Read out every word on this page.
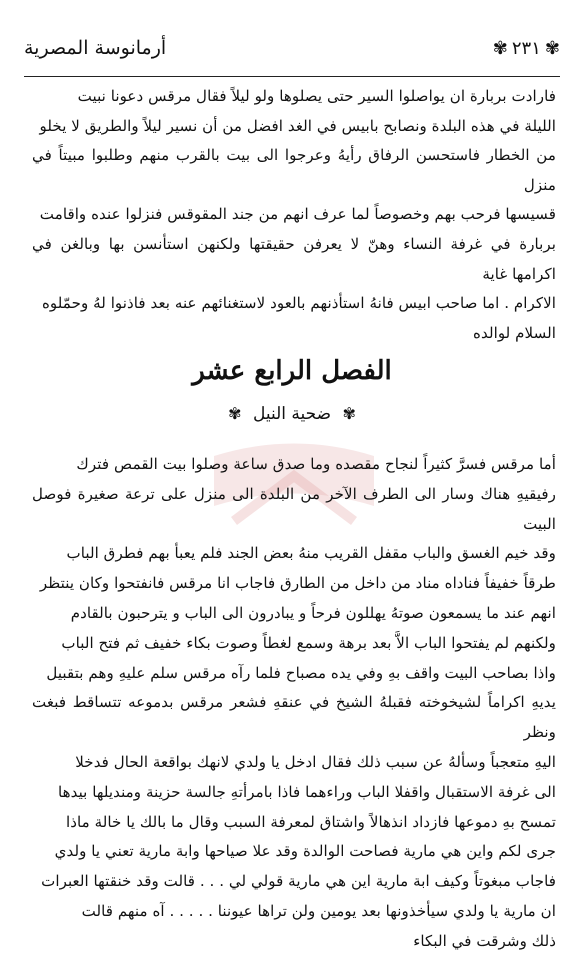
✾
٢٣١
✾
أرمانوسة المصرية

فارادت بربارة ان يواصلوا السير حتى يصلوها ولو ليلاً فقال مرقس دعونا نبيت

الليلة في هذه البلدة ونصابح بابيس في الغد افضل من أن نسير ليلاً والطريق لا يخلو

من الخطار فاستحسن الرفاق رأيهُ وعرجوا الى بيت بالقرب منهم وطلبوا مبيتاً في منزل

قسيسها فرحب بهم وخصوصاً لما عرف انهم من جند المقوقس فنزلوا عنده واقامت

بربارة في غرفة النساء وهنّ لا يعرفن حقيقتها ولكنهن استأنسن بها وبالغن في اكرامها غاية

الاكرام . اما صاحب ابيس فانهُ استأذنهم بالعود لاستغنائهم عنه بعد فاذنوا لهُ وحمّلوه

السلام لوالده

الفصل الرابع عشر
✾ ضحية النيل ✾

أما مرقس فسرَّ كثيراً لنجاح مقصده وما صدق ساعة وصلوا بيت القمص فترك

رفيقيهِ هناك وسار الى الطرف الآخر من البلدة الى منزل على ترعة صغيرة فوصل البيت

وقد خيم الغسق والباب مقفل القريب منهُ بعض الجند فلم يعبأ بهم فطرق الباب

طرقاً خفيفاً فناداه مناد من داخل من الطارق فاجاب انا مرقس فانفتحوا وكان ينتظر

انهم عند ما يسمعون صوتهُ يهللون فرحاً و يبادرون الى الباب و يترحبون بالقادم

ولكنهم لم يفتحوا الباب الاَّ بعد برهة وسمع لغطاً وصوت بكاء خفيف ثم فتح الباب

واذا بصاحب البيت واقف بهِ وفي يده مصباح فلما رآه مرقس سلم عليهِ وهم بتقبيل

يديهِ اكراماً لشيخوخته فقبلهُ الشيخ في عنقهِ فشعر مرقس بدموعه تتساقط فبغت ونظر

اليهِ متعجباً وسألهُ عن سبب ذلك فقال ادخل يا ولدي لانهك بواقعة الحال فدخلا

الى غرفة الاستقبال واقفلا الباب وراءهما فاذا بامرأتهِ جالسة حزينة ومنديلها بيدها

تمسح بهِ دموعها فازداد انذهالاً واشتاق لمعرفة السبب وقال ما بالك يا خالة ماذا

جرى لكم واين هي مارية فصاحت الوالدة وقد علا صياحها وابة مارية تعني يا ولدي

فاجاب مبغوتاً وكيف ابة مارية اين هي مارية قولي لي . . . قالت وقد خنقتها العبرات

ان مارية يا ولدي سيأخذونها بعد يومين ولن تراها عيوننا . . . . . آه منهم قالت

ذلك وشرقت في البكاء
